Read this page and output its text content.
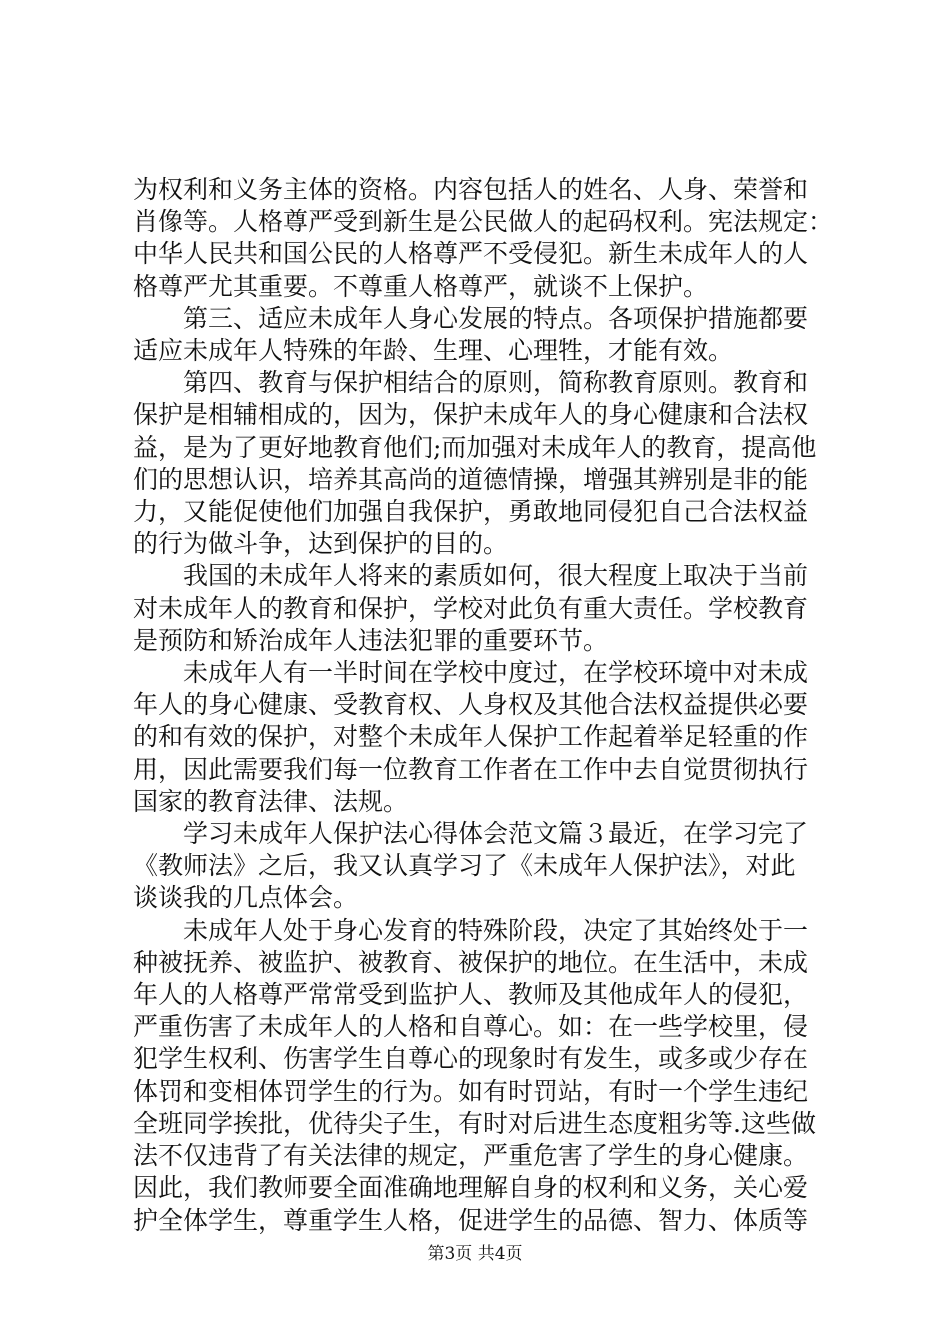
为权利和义务主体的资格。内容包括人的姓名、人身、荣誉和
肖像等。人格尊严受到新生是公民做人的起码权利。宪法规定：
中华人民共和国公民的人格尊严不受侵犯。新生未成年人的人
格尊严尤其重要。不尊重人格尊严，就谈不上保护。
　　第三、适应未成年人身心发展的特点。各项保护措施都要
适应未成年人特殊的年龄、生理、心理牲，才能有效。
　　第四、教育与保护相结合的原则，简称教育原则。教育和
保护是相辅相成的，因为，保护未成年人的身心健康和合法权
益，是为了更好地教育他们;而加强对未成年人的教育，提高他
们的思想认识，培养其高尚的道德情操，增强其辨别是非的能
力，又能促使他们加强自我保护，勇敢地同侵犯自己合法权益
的行为做斗争，达到保护的目的。
　　我国的未成年人将来的素质如何，很大程度上取决于当前
对未成年人的教育和保护，学校对此负有重大责任。学校教育
是预防和矫治成年人违法犯罪的重要环节。
　　未成年人有一半时间在学校中度过，在学校环境中对未成
年人的身心健康、受教育权、人身权及其他合法权益提供必要
的和有效的保护，对整个未成年人保护工作起着举足轻重的作
用，因此需要我们每一位教育工作者在工作中去自觉贯彻执行
国家的教育法律、法规。
　　学习未成年人保护法心得体会范文篇３最近，在学习完了
《教师法》之后，我又认真学习了《未成年人保护法》，对此
谈谈我的几点体会。
　　未成年人处于身心发育的特殊阶段，决定了其始终处于一
种被抚养、被监护、被教育、被保护的地位。在生活中，未成
年人的人格尊严常常受到监护人、教师及其他成年人的侵犯，
严重伤害了未成年人的人格和自尊心。如：在一些学校里，侵
犯学生权利、伤害学生自尊心的现象时有发生，或多或少存在
体罚和变相体罚学生的行为。如有时罚站，有时一个学生违纪
全班同学挨批，优待尖子生，有时对后进生态度粗劣等.这些做
法不仅违背了有关法律的规定，严重危害了学生的身心健康。
因此，我们教师要全面准确地理解自身的权利和义务，关心爱
护全体学生，尊重学生人格，促进学生的品德、智力、体质等
第3页 共4页
